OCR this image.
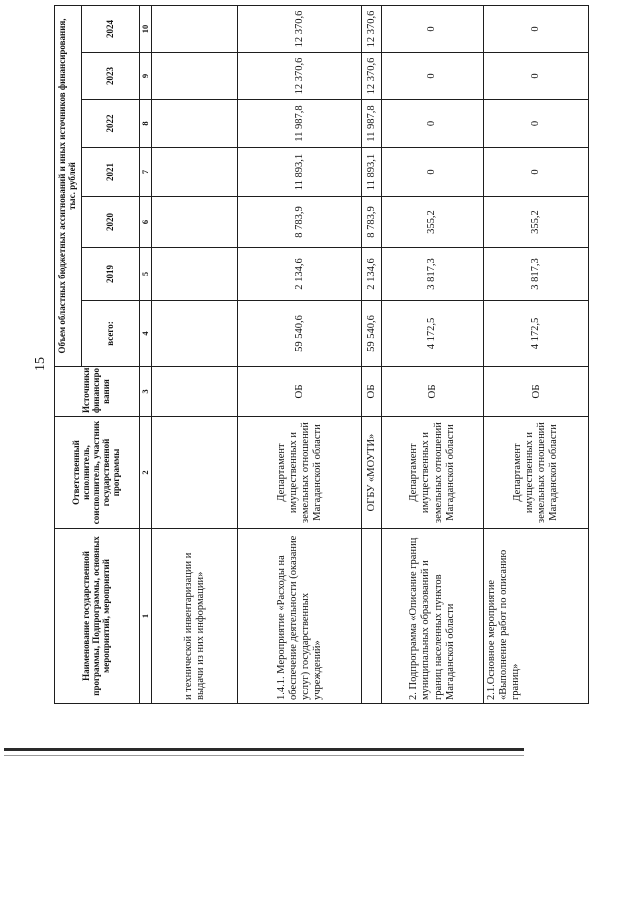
15
Наименование государственной программы, Подпрограммы, основных мероприятий, мероприятий	Ответственный исполнитель, соисполнитель, участник государственной программы	Источники финансиро вания	Объем областных бюджетных ассигнований и иных источников финансирования, тыс. рублей						
			всего:	2019	2020	2021	2022	2023	2024
1	2	3	4	5	6	7	8	9	10
и технической инвентаризации и выдачи из них информации»									
1.4.1. Мероприятие «Расходы на обеспечение деятельности (оказание услуг) государственных учреждений»	Департамент имущественных и земельных отношений Магаданской области	ОБ	59 540,6	2 134,6	8 783,9	11 893,1	11 987,8	12 370,6	12 370,6
	ОГБУ «МОУТИ»	ОБ	59 540,6	2 134,6	8 783,9	11 893,1	11 987,8	12 370,6	12 370,6
2. Подпрограмма «Описание границ муниципальных образований и границ населенных пунктов Магаданской области	Департамент имущественных и земельных отношений Магаданской области	ОБ	4 172,5	3 817,3	355,2	0	0	0	0
2.1.Основное мероприятие «Выполнение работ по описанию границ»	Департамент имущественных и земельных отношений Магаданской области	ОБ	4 172,5	3 817,3	355,2	0	0	0	0
